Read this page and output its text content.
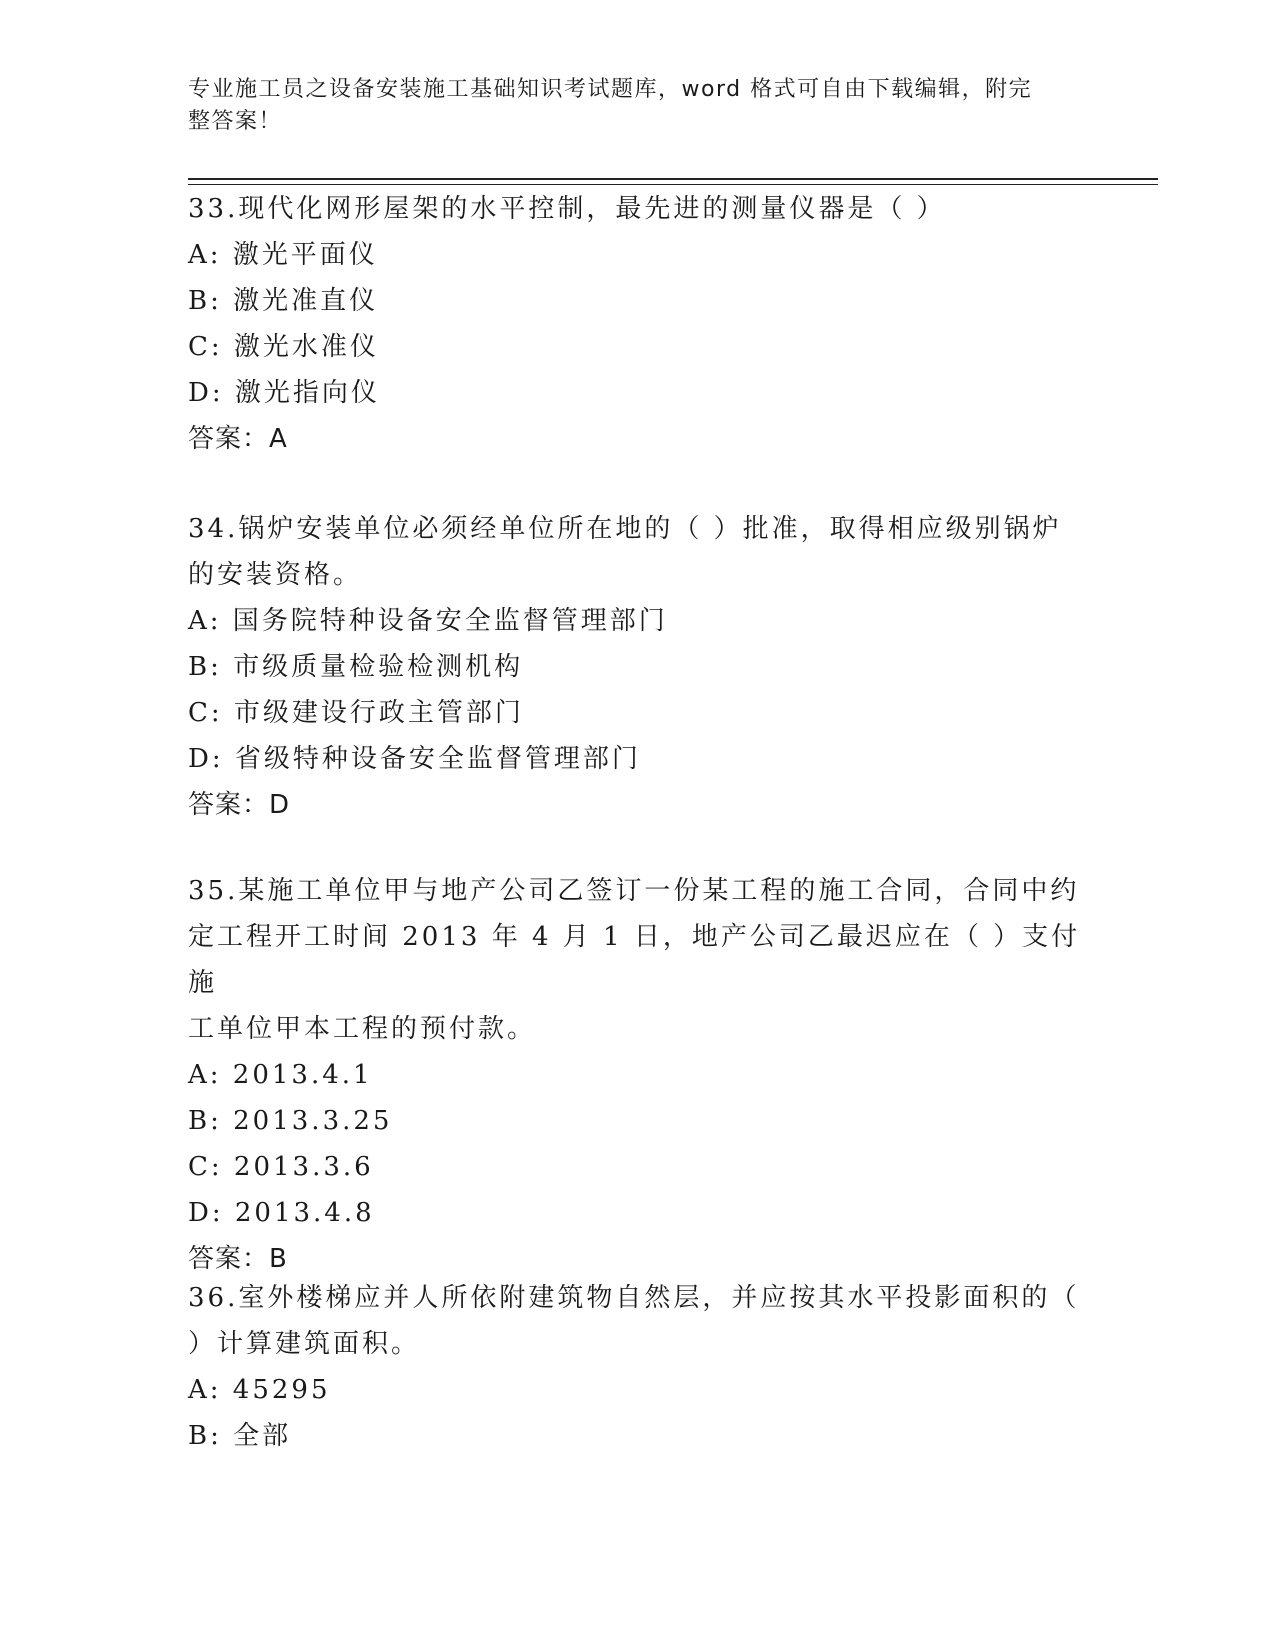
专业施工员之设备安装施工基础知识考试题库，word 格式可自由下载编辑，附完
整答案！
33.现代化网形屋架的水平控制，最先进的测量仪器是（ ）
A: 激光平面仪
B: 激光准直仪
C: 激光水准仪
D: 激光指向仪
答案：A
34.锅炉安装单位必须经单位所在地的（ ）批准，取得相应级别锅炉
的安装资格。
A: 国务院特种设备安全监督管理部门
B: 市级质量检验检测机构
C: 市级建设行政主管部门
D: 省级特种设备安全监督管理部门
答案：D
35.某施工单位甲与地产公司乙签订一份某工程的施工合同，合同中约
定工程开工时间 2013 年 4 月 1 日，地产公司乙最迟应在（ ）支付施
工单位甲本工程的预付款。
A: 2013.4.1
B: 2013.3.25
C: 2013.3.6
D: 2013.4.8
答案：B
36.室外楼梯应并人所依附建筑物自然层，并应按其水平投影面积的（
）计算建筑面积。
A: 45295
B: 全部
